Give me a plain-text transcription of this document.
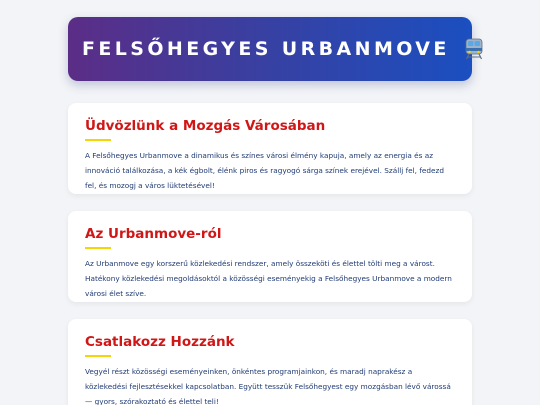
FELSŐHEGYES URBANMOVE
Üdvözlünk a Mozgás Városában

A Felsőhegyes Urbanmove a dinamikus és színes városi élmény kapuja, amely az energia és az innováció találkozása, a kék égbolt, élénk piros és ragyogó sárga színek erejével. Szállj fel, fedezd fel, és mozogj a város lüktetésével!

Az Urbanmove-ról

Az Urbanmove egy korszerű közlekedési rendszer, amely összeköti és élettel tölti meg a várost. Hatékony közlekedési megoldásoktól a közösségi eseményekig a Felsőhegyes Urbanmove a modern városi élet szíve.

Csatlakozz Hozzánk

Vegyél részt közösségi eseményeinken, önkéntes programjainkon, és maradj naprakész a közlekedési fejlesztésekkel kapcsolatban. Együtt tesszük Felsőhegyest egy mozgásban lévő várossá — gyors, szórakoztató és élettel teli!
